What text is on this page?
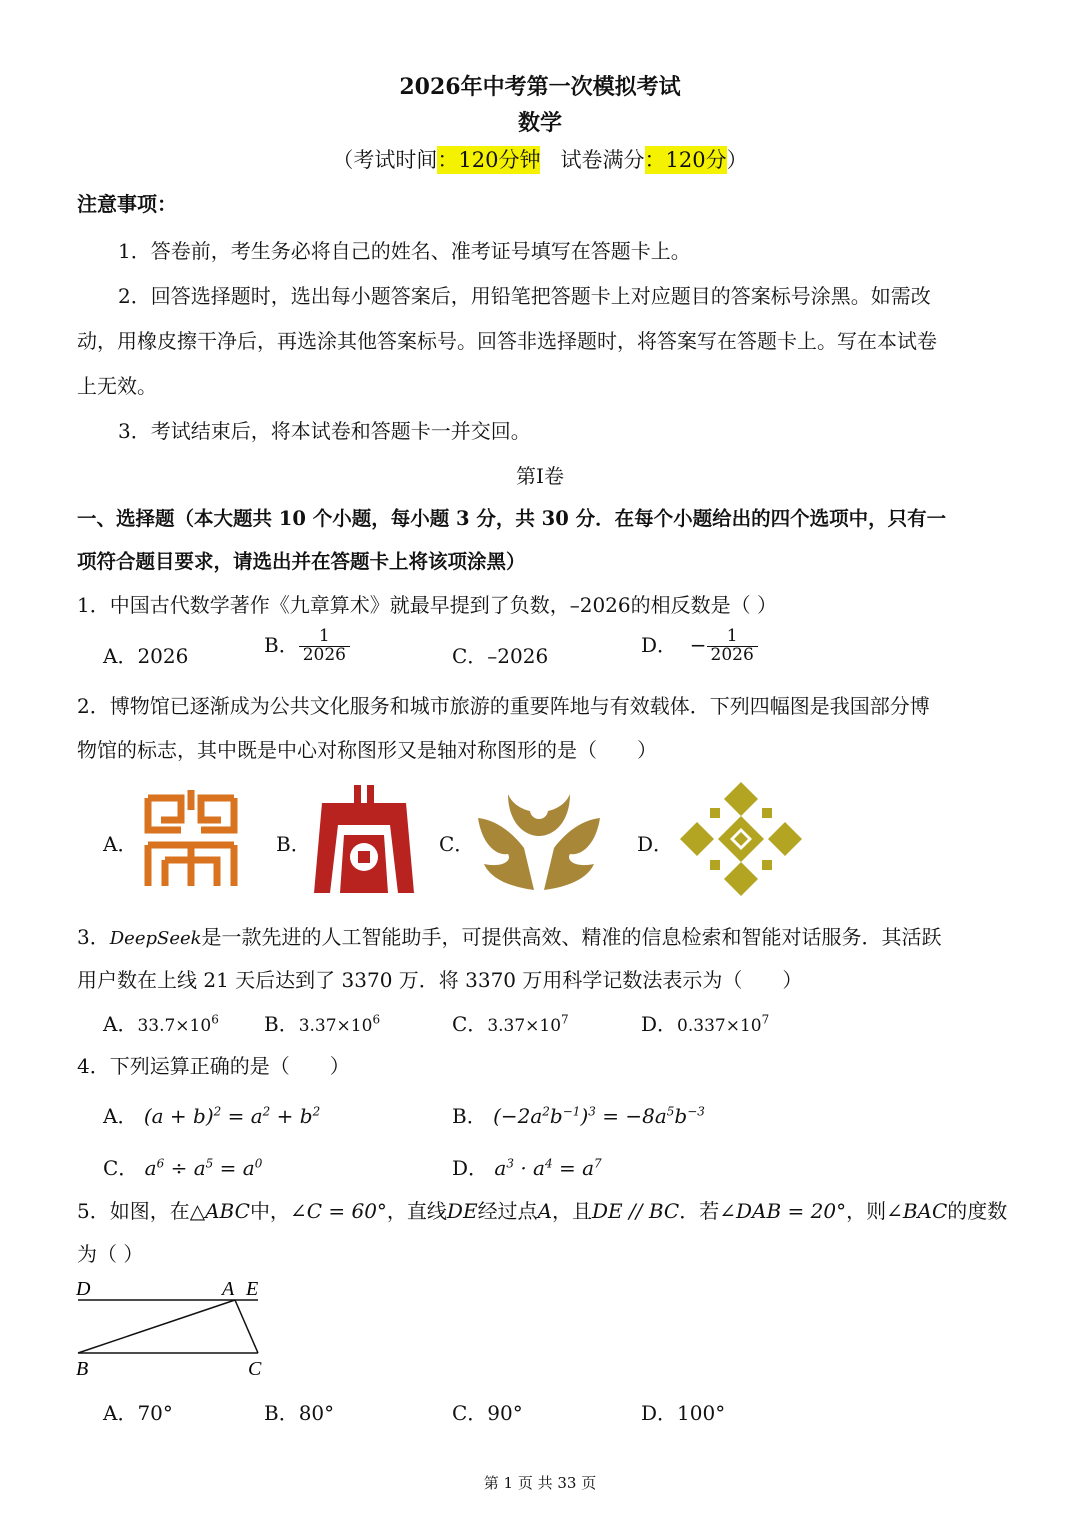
2026年中考第一次模拟考试
数学
（考试时间：120分钟 试卷满分：120分）
注意事项：
1．答卷前，考生务必将自己的姓名、准考证号填写在答题卡上。
2．回答选择题时，选出每小题答案后，用铅笔把答题卡上对应题目的答案标号涂黑。如需改
动，用橡皮擦干净后，再选涂其他答案标号。回答非选择题时，将答案写在答题卡上。写在本试卷
上无效。
3．考试结束后，将本试卷和答题卡一并交回。
第Ⅰ卷
一、选择题（本大题共 10 个小题，每小题 3 分，共 30 分．在每个小题给出的四个选项中，只有一
项符合题目要求，请选出并在答题卡上将该项涂黑）
1．中国古代数学著作《九章算术》就最早提到了负数，–2026的相反数是（ ）
A．2026	B． $\frac{1}{2026}$	C．–2026	D． − $\frac{1}{2026}$
2．博物馆已逐渐成为公共文化服务和城市旅游的重要阵地与有效载体．下列四幅图是我国部分博
物馆的标志，其中既是中心对称图形又是轴对称图形的是（　　）
A．	B．	C．	D．
3．DeepSeek是一款先进的人工智能助手，可提供高效、精准的信息检索和智能对话服务．其活跃
用户数在上线 21 天后达到了 3370 万．将 3370 万用科学记数法表示为（　　）
A．$33.7\times 10^6$ B．$3.37\times 10^6$	C．$3.37\times 10^7$	D．$0.337\times 10^7$
4．下列运算正确的是（　　）
A． $(a + b)^2 = a^2 + b^2$	B． $(-2a^2b^{-1})^3 = -8a^5b^{-3}$
C． $a^6 \div a^5 = a^0$	D． $a^3 \cdot a^4 = a^7$
5．如图，在△ABC中，∠C = 60°，直线DE经过点A，且DE // BC．若∠DAB = 20°，则∠BAC的度数
为（ ）
D	A E
B	C
A．70°	B．80°	C．90°	D．100°
第 1 页 共 33 页
